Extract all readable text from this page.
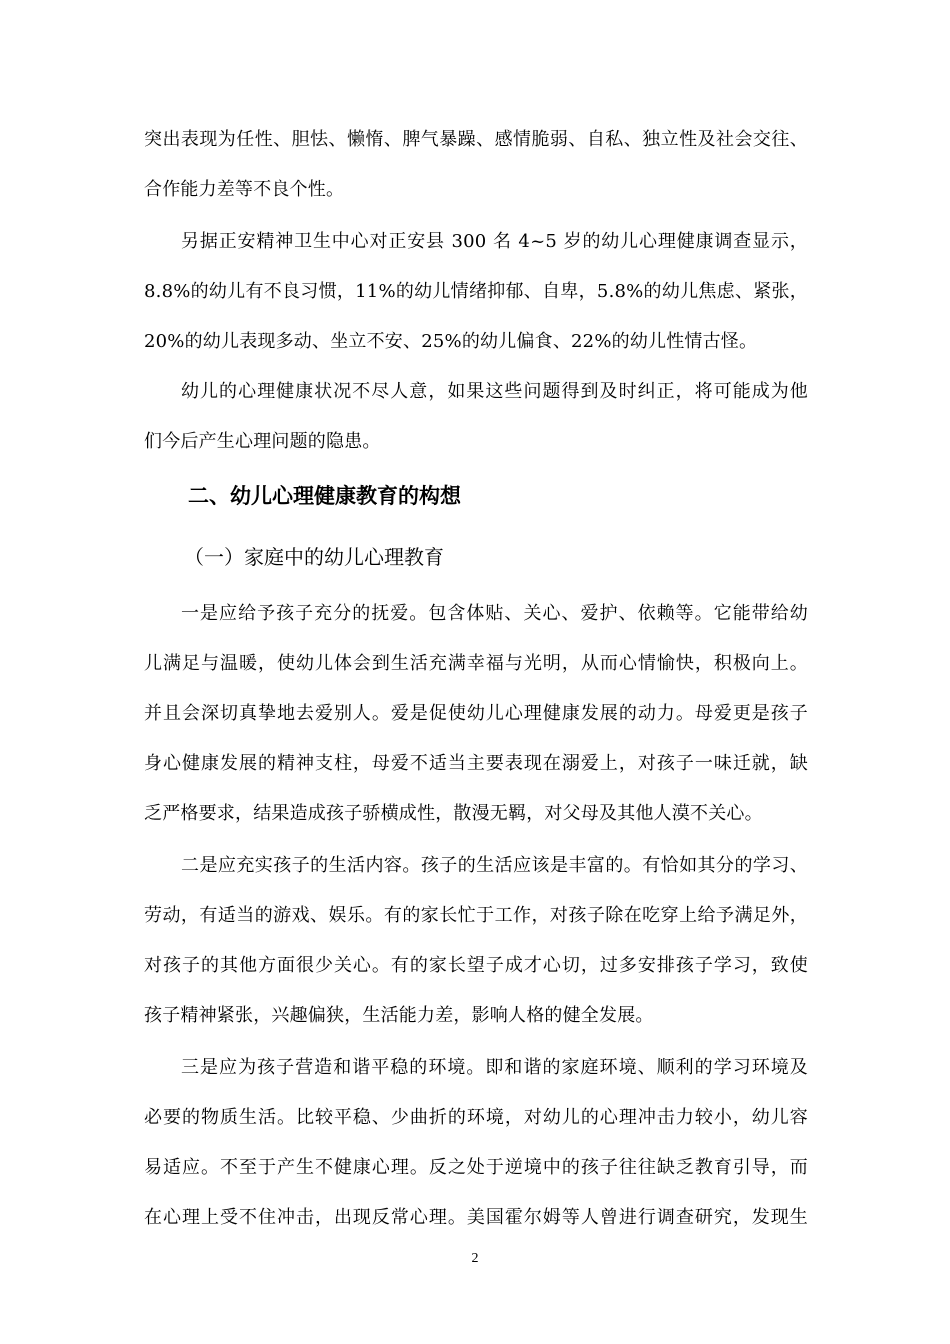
突出表现为任性、胆怯、懒惰、脾气暴躁、感情脆弱、自私、独立性及社会交往、
合作能力差等不良个性。
另据正安精神卫生中心对正安县 300 名 4~5 岁的幼儿心理健康调查显示，
8.8%的幼儿有不良习惯，11%的幼儿情绪抑郁、自卑，5.8%的幼儿焦虑、紧张，
20%的幼儿表现多动、坐立不安、25%的幼儿偏食、22%的幼儿性情古怪。
幼儿的心理健康状况不尽人意，如果这些问题得到及时纠正，将可能成为他
们今后产生心理问题的隐患。
二、幼儿心理健康教育的构想
（一）家庭中的幼儿心理教育
一是应给予孩子充分的抚爱。包含体贴、关心、爱护、依赖等。它能带给幼
儿满足与温暖，使幼儿体会到生活充满幸福与光明，从而心情愉快，积极向上。
并且会深切真挚地去爱别人。爱是促使幼儿心理健康发展的动力。母爱更是孩子
身心健康发展的精神支柱，母爱不适当主要表现在溺爱上，对孩子一味迁就，缺
乏严格要求，结果造成孩子骄横成性，散漫无羁，对父母及其他人漠不关心。
二是应充实孩子的生活内容。孩子的生活应该是丰富的。有恰如其分的学习、
劳动，有适当的游戏、娱乐。有的家长忙于工作，对孩子除在吃穿上给予满足外，
对孩子的其他方面很少关心。有的家长望子成才心切，过多安排孩子学习，致使
孩子精神紧张，兴趣偏狭，生活能力差，影响人格的健全发展。
三是应为孩子营造和谐平稳的环境。即和谐的家庭环境、顺利的学习环境及
必要的物质生活。比较平稳、少曲折的环境，对幼儿的心理冲击力较小，幼儿容
易适应。不至于产生不健康心理。反之处于逆境中的孩子往往缺乏教育引导，而
在心理上受不住冲击，出现反常心理。美国霍尔姆等人曾进行调查研究，发现生
2
